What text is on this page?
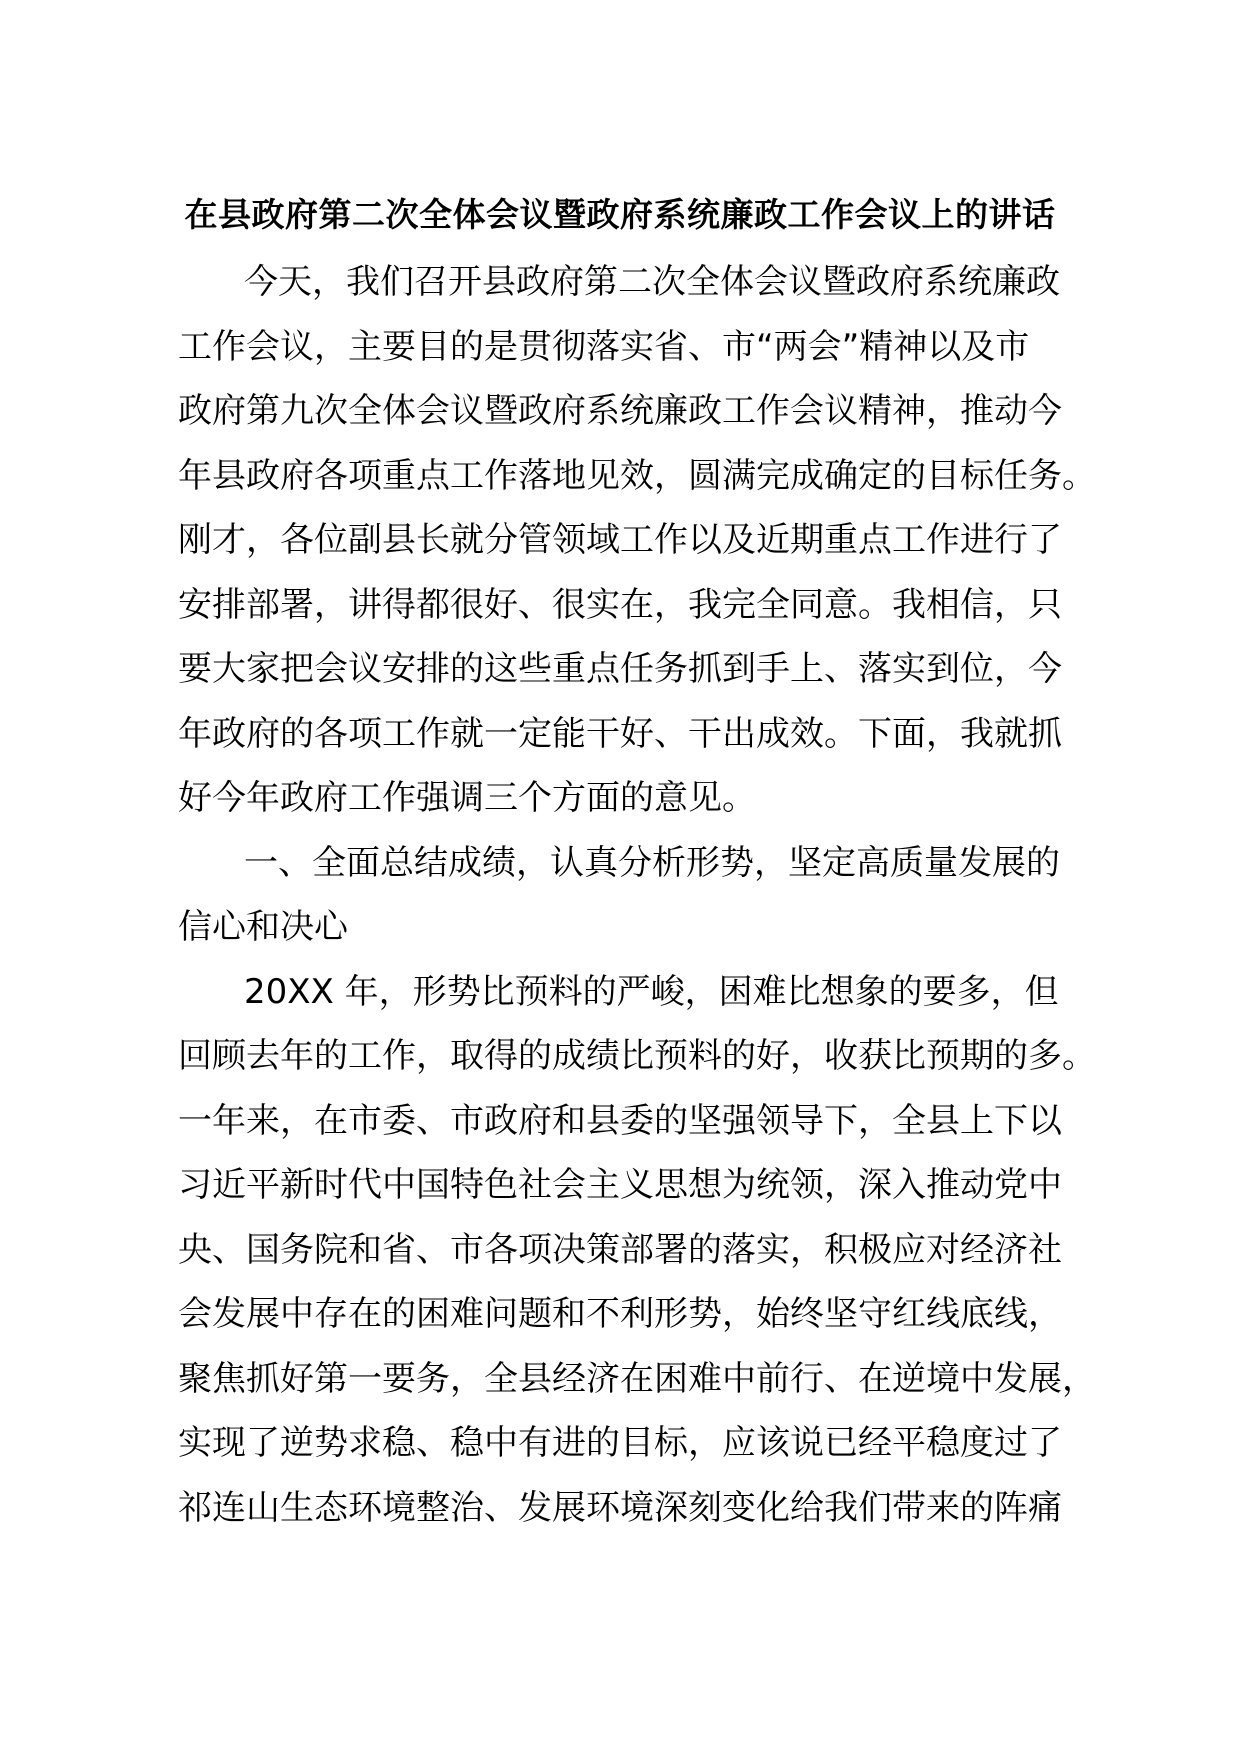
在县政府第二次全体会议暨政府系统廉政工作会议上的讲话
今天，我们召开县政府第二次全体会议暨政府系统廉政
工作会议，主要目的是贯彻落实省、市“两会”精神以及市
政府第九次全体会议暨政府系统廉政工作会议精神，推动今
年县政府各项重点工作落地见效，圆满完成确定的目标任务。
刚才，各位副县长就分管领域工作以及近期重点工作进行了
安排部署，讲得都很好、很实在，我完全同意。我相信，只
要大家把会议安排的这些重点任务抓到手上、落实到位，今
年政府的各项工作就一定能干好、干出成效。下面，我就抓
好今年政府工作强调三个方面的意见。
一、全面总结成绩，认真分析形势，坚定高质量发展的
信心和决心
20XX 年，形势比预料的严峻，困难比想象的要多，但
回顾去年的工作，取得的成绩比预料的好，收获比预期的多。
一年来，在市委、市政府和县委的坚强领导下，全县上下以
习近平新时代中国特色社会主义思想为统领，深入推动党中
央、国务院和省、市各项决策部署的落实，积极应对经济社
会发展中存在的困难问题和不利形势，始终坚守红线底线，
聚焦抓好第一要务，全县经济在困难中前行、在逆境中发展，
实现了逆势求稳、稳中有进的目标，应该说已经平稳度过了
祁连山生态环境整治、发展环境深刻变化给我们带来的阵痛
